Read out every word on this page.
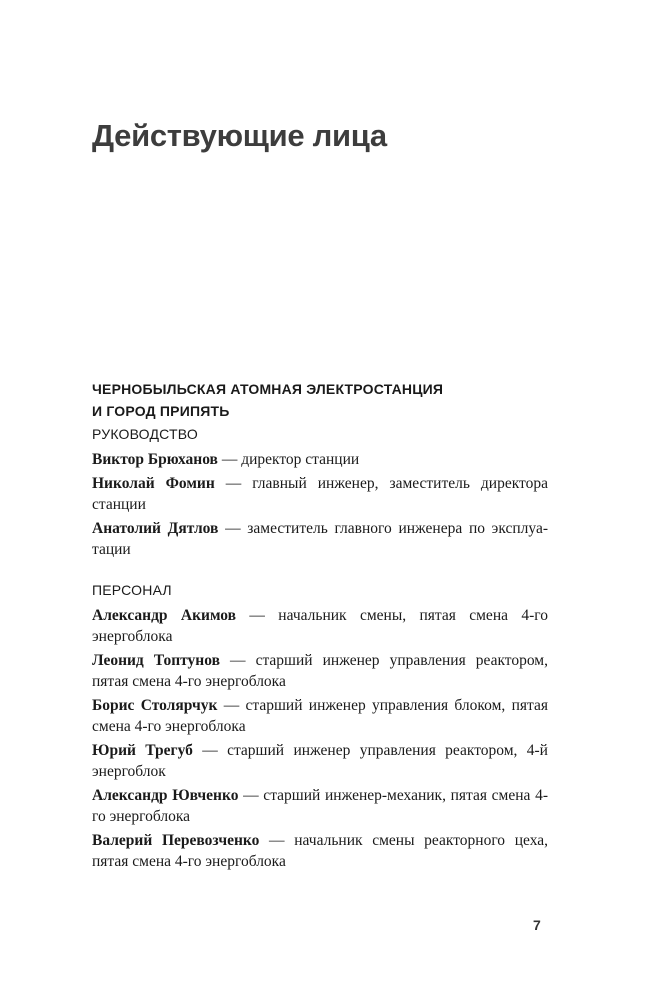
Действующие лица
ЧЕРНОБЫЛЬСКАЯ АТОМНАЯ ЭЛЕКТРОСТАНЦИЯ
И ГОРОД ПРИПЯТЬ
РУКОВОДСТВО
Виктор Брюханов — директор станции
Николай Фомин — главный инженер, заместитель директора станции
Анатолий Дятлов — заместитель главного инженера по эксплуатации
ПЕРСОНАЛ
Александр Акимов — начальник смены, пятая смена 4-го энергоблока
Леонид Топтунов — старший инженер управления реактором, пятая смена 4-го энергоблока
Борис Столярчук — старший инженер управления блоком, пятая смена 4-го энергоблока
Юрий Трегуб — старший инженер управления реактором, 4-й энергоблок
Александр Ювченко — старший инженер-механик, пятая смена 4-го энергоблока
Валерий Перевозченко — начальник смены реакторного цеха, пятая смена 4-го энергоблока
7
